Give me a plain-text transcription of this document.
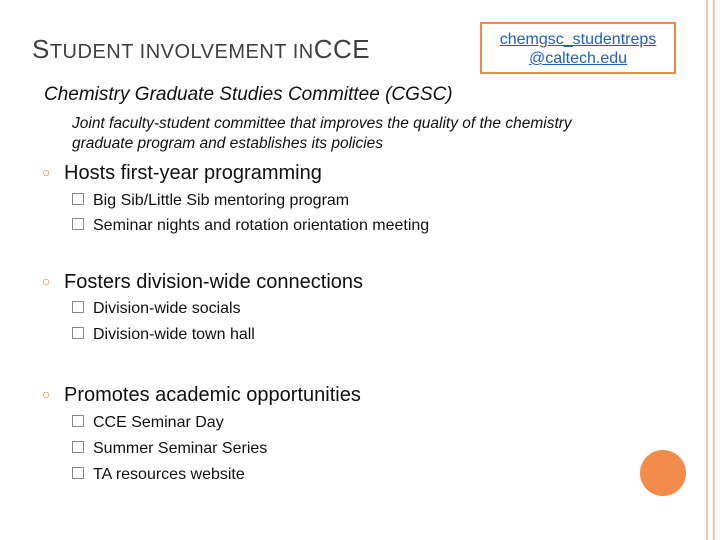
STUDENT INVOLVEMENT INCCE	chemgsc_studentreps
@caltech.edu
Chemistry Graduate Studies Committee (CGSC)
Joint faculty-student committee that improves the quality of the chemistry graduate program and establishes its policies
○ Hosts first-year programming
Big Sib/Little Sib mentoring program
Seminar nights and rotation orientation meeting
○ Fosters division-wide connections
Division-wide socials
Division-wide town hall
○ Promotes academic opportunities
CCE Seminar Day
Summer Seminar Series
TA resources website
